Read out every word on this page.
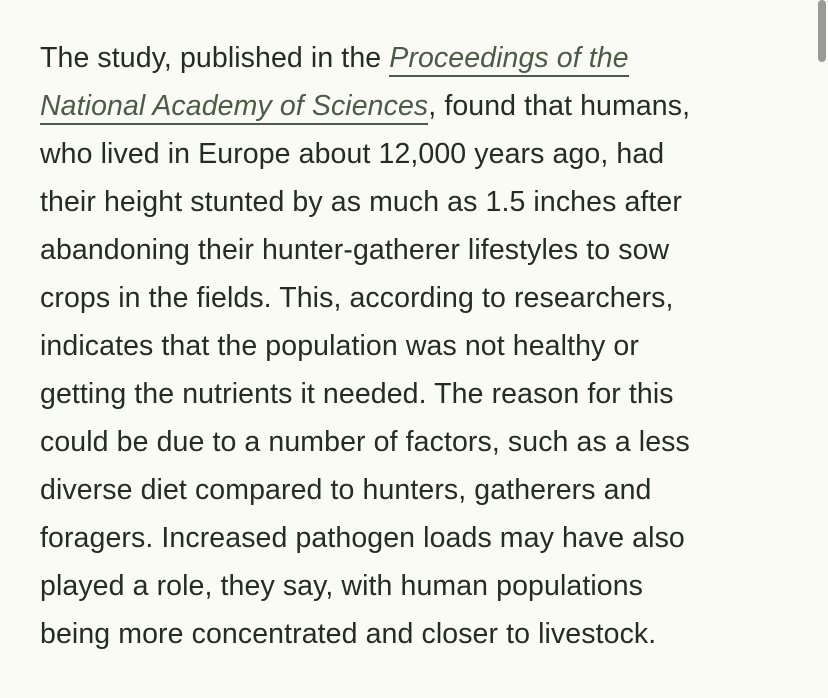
The study, published in the Proceedings of the
National Academy of Sciences, found that humans,
who lived in Europe about 12,000 years ago, had
their height stunted by as much as 1.5 inches after
abandoning their hunter-gatherer lifestyles to sow
crops in the fields. This, according to researchers,
indicates that the population was not healthy or
getting the nutrients it needed. The reason for this
could be due to a number of factors, such as a less
diverse diet compared to hunters, gatherers and
foragers. Increased pathogen loads may have also
played a role, they say, with human populations
being more concentrated and closer to livestock.
